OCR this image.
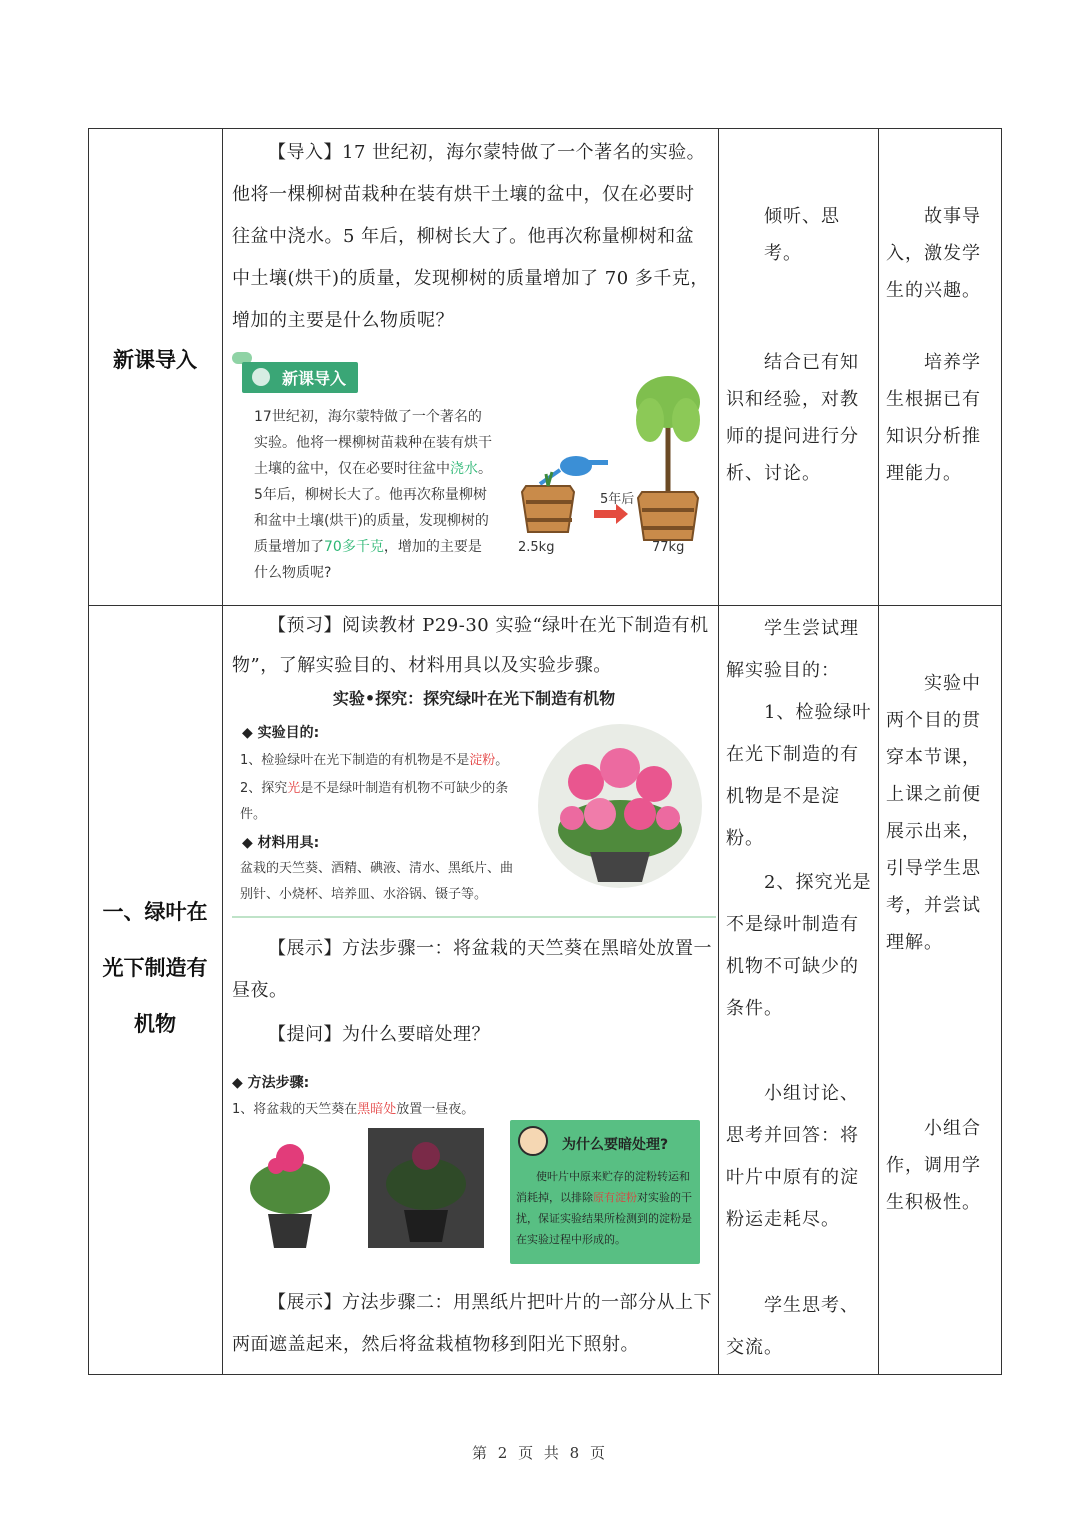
新课导入
【导入】17 世纪初，海尔蒙特做了一个著名的实验。他将一棵柳树苗栽种在装有烘干土壤的盆中，仅在必要时往盆中浇水。5 年后，柳树长大了。他再次称量柳树和盆中土壤(烘干)的质量，发现柳树的质量增加了 70 多千克，增加的主要是什么物质呢？
新课导入
17世纪初，海尔蒙特做了一个著名的实验。他将一棵柳树苗栽种在装有烘干土壤的盆中，仅在必要时往盆中浇水。5年后，柳树长大了。他再次称量柳树和盆中土壤(烘干)的质量，发现柳树的质量增加了70多千克，增加的主要是什么物质呢?
5年后
2.5kg	77kg
倾听、思考。
结合已有知识和经验，对教师的提问进行分析、讨论。
故事导入，激发学生的兴趣。
培养学生根据已有知识分析推理能力。
一、绿叶在
光下制造有
机物
【预习】阅读教材 P29-30 实验“绿叶在光下制造有机物”，了解实验目的、材料用具以及实验步骤。
实验•探究：探究绿叶在光下制造有机物
◆ 实验目的:
1、检验绿叶在光下制造的有机物是不是淀粉。
2、探究光是不是绿叶制造有机物不可缺少的条件。
◆ 材料用具:
盆栽的天竺葵、酒精、碘液、清水、黑纸片、曲别针、小烧杯、培养皿、水浴锅、镊子等。
【展示】方法步骤一：将盆栽的天竺葵在黑暗处放置一昼夜。
【提问】为什么要暗处理？
◆ 方法步骤:
1、将盆栽的天竺葵在黑暗处放置一昼夜。
为什么要暗处理?
使叶片中原来贮存的淀粉转运和消耗掉，以排除原有淀粉对实验的干扰，保证实验结果所检测到的淀粉是在实验过程中形成的。
【展示】方法步骤二：用黑纸片把叶片的一部分从上下两面遮盖起来，然后将盆栽植物移到阳光下照射。
学生尝试理解实验目的：
1、检验绿叶在光下制造的有机物是不是淀粉。
2、探究光是不是绿叶制造有机物不可缺少的条件。
小组讨论、思考并回答：将叶片中原有的淀粉运走耗尽。
学生思考、交流。
实验中两个目的贯穿本节课，上课之前便展示出来，引导学生思考，并尝试理解。
小组合作，调用学生积极性。
第 2 页 共 8 页
